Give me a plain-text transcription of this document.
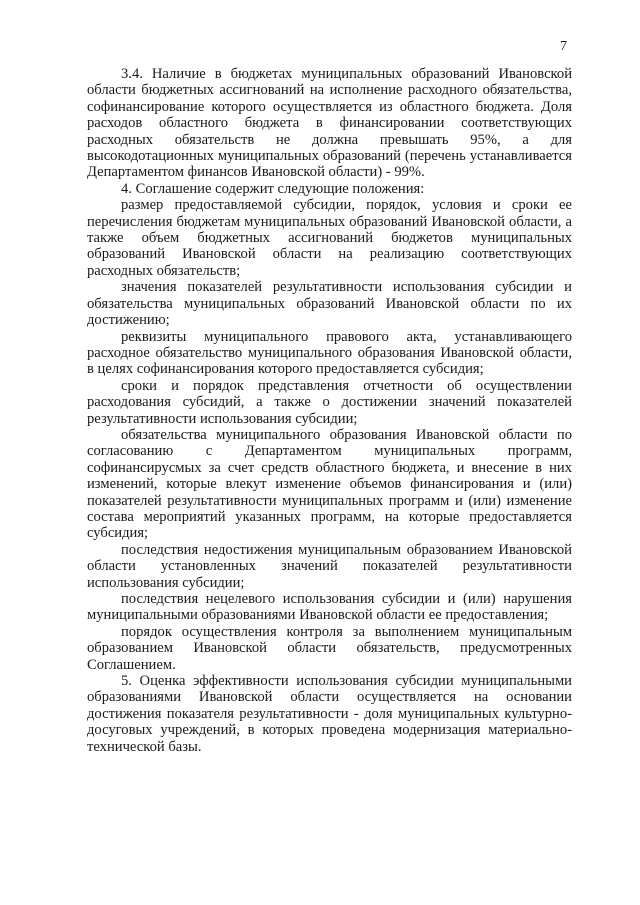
7

3.4. Наличие в бюджетах муниципальных образований Ивановской области бюджетных ассигнований на исполнение расходного обязательства, софинансирование которого осуществляется из областного бюджета. Доля расходов областного бюджета в финансировании соответствующих расходных обязательств не должна превышать 95%, а для высокодотационных муниципальных образований (перечень устанавливается Департаментом финансов Ивановской области) - 99%.

4. Соглашение содержит следующие положения:

размер предоставляемой субсидии, порядок, условия и сроки ее перечисления бюджетам муниципальных образований Ивановской области, а также объем бюджетных ассигнований бюджетов муниципальных образований Ивановской области на реализацию соответствующих расходных обязательств;

значения показателей результативности использования субсидии и обязательства муниципальных образований Ивановской области по их достижению;

реквизиты муниципального правового акта, устанавливающего расходное обязательство муниципального образования Ивановской области, в целях софинансирования которого предоставляется субсидия;

сроки и порядок представления отчетности об осуществлении расходования субсидий, а также о достижении значений показателей результативности использования субсидии;

обязательства муниципального образования Ивановской области по согласованию с Департаментом муниципальных программ, софинансирусмых за счет средств областного бюджета, и внесение в них изменений, которые влекут изменение объемов финансирования и (или) показателей результативности муниципальных программ и (или) изменение состава мероприятий указанных программ, на которые предоставляется субсидия;

последствия недостижения муниципальным образованием Ивановской области установленных значений показателей результативности использования субсидии;

последствия нецелевого использования субсидии и (или) нарушения муниципальными образованиями Ивановской области ее предоставления;

порядок осуществления контроля за выполнением муниципальным образованием Ивановской области обязательств, предусмотренных Соглашением.

5. Оценка эффективности использования субсидии муниципальными образованиями Ивановской области осуществляется на основании достижения показателя результативности - доля муниципальных культурно-досуговых учреждений, в которых проведена модернизация материально-технической базы.
